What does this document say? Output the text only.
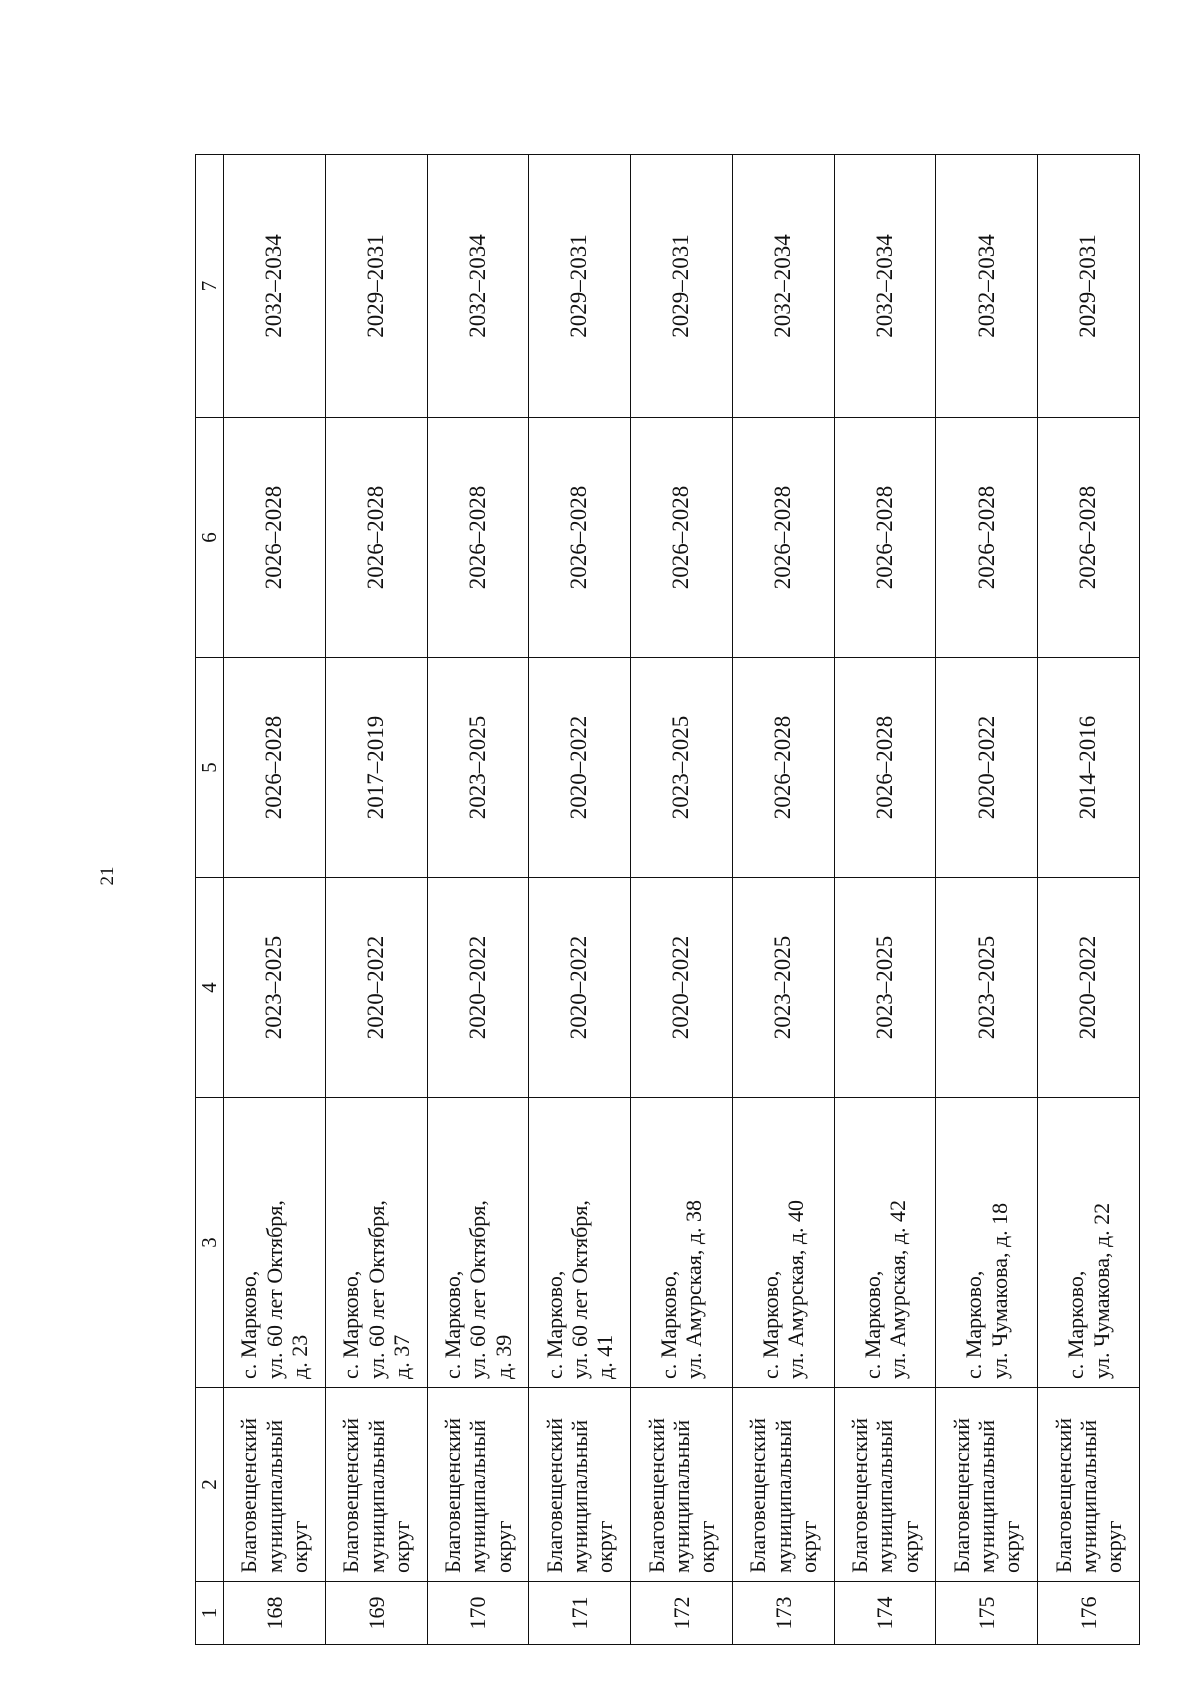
21
1	2	3	4	5	6	7
168	Благовещенский муниципальный округ	с. Марково, ул. 60 лет Октября, д. 23	2023–2025	2026–2028	2026–2028	2032–2034
169	Благовещенский муниципальный округ	с. Марково, ул. 60 лет Октября, д. 37	2020–2022	2017–2019	2026–2028	2029–2031
170	Благовещенский муниципальный округ	с. Марково, ул. 60 лет Октября, д. 39	2020–2022	2023–2025	2026–2028	2032–2034
171	Благовещенский муниципальный округ	с. Марково, ул. 60 лет Октября, д. 41	2020–2022	2020–2022	2026–2028	2029–2031
172	Благовещенский муниципальный округ	с. Марково, ул. Амурская, д. 38	2020–2022	2023–2025	2026–2028	2029–2031
173	Благовещенский муниципальный округ	с. Марково, ул. Амурская, д. 40	2023–2025	2026–2028	2026–2028	2032–2034
174	Благовещенский муниципальный округ	с. Марково, ул. Амурская, д. 42	2023–2025	2026–2028	2026–2028	2032–2034
175	Благовещенский муниципальный округ	с. Марково, ул. Чумакова, д. 18	2023–2025	2020–2022	2026–2028	2032–2034
176	Благовещенский муниципальный округ	с. Марково, ул. Чумакова, д. 22	2020–2022	2014–2016	2026–2028	2029–2031
